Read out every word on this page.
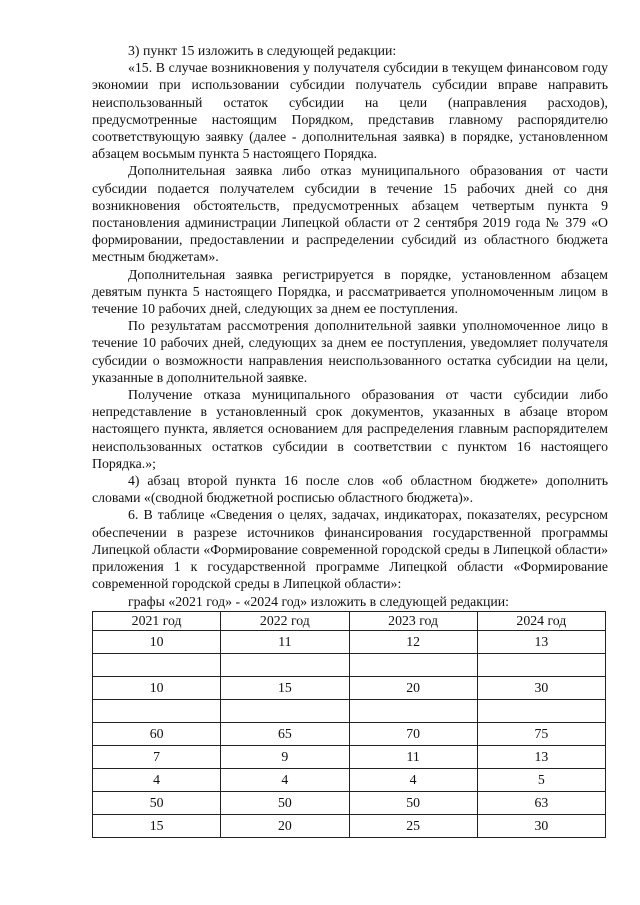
3) пункт 15 изложить в следующей редакции:

«15. В случае возникновения у получателя субсидии в текущем финансовом году экономии при использовании субсидии получатель субсидии вправе направить неиспользованный остаток субсидии на цели (направления расходов), предусмотренные настоящим Порядком, представив главному распорядителю соответствующую заявку (далее - дополнительная заявка) в порядке, установленном абзацем восьмым пункта 5 настоящего Порядка.

Дополнительная заявка либо отказ муниципального образования от части субсидии подается получателем субсидии в течение 15 рабочих дней со дня возникновения обстоятельств, предусмотренных абзацем четвертым пункта 9 постановления администрации Липецкой области от 2 сентября 2019 года № 379 «О формировании, предоставлении и распределении субсидий из областного бюджета местным бюджетам».

Дополнительная заявка регистрируется в порядке, установленном абзацем девятым пункта 5 настоящего Порядка, и рассматривается уполномоченным лицом в течение 10 рабочих дней, следующих за днем ее поступления.

По результатам рассмотрения дополнительной заявки уполномоченное лицо в течение 10 рабочих дней, следующих за днем ее поступления, уведомляет получателя субсидии о возможности направления неиспользованного остатка субсидии на цели, указанные в дополнительной заявке.

Получение отказа муниципального образования от части субсидии либо непредставление в установленный срок документов, указанных в абзаце втором настоящего пункта, является основанием для распределения главным распорядителем неиспользованных остатков субсидии в соответствии с пунктом 16 настоящего Порядка.»;

4) абзац второй пункта 16 после слов «об областном бюджете» дополнить словами «(сводной бюджетной росписью областного бюджета)».

6. В таблице «Сведения о целях, задачах, индикаторах, показателях, ресурсном обеспечении в разрезе источников финансирования государственной программы Липецкой области «Формирование современной городской среды в Липецкой области» приложения 1 к государственной программе Липецкой области «Формирование современной городской среды в Липецкой области»:

графы «2021 год» - «2024 год» изложить в следующей редакции:

2021 год	2022 год	2023 год	2024 год
10	11	12	13

10	15	20	30

60	65	70	75
7	9	11	13
4	4	4	5
50	50	50	63
15	20	25	30
